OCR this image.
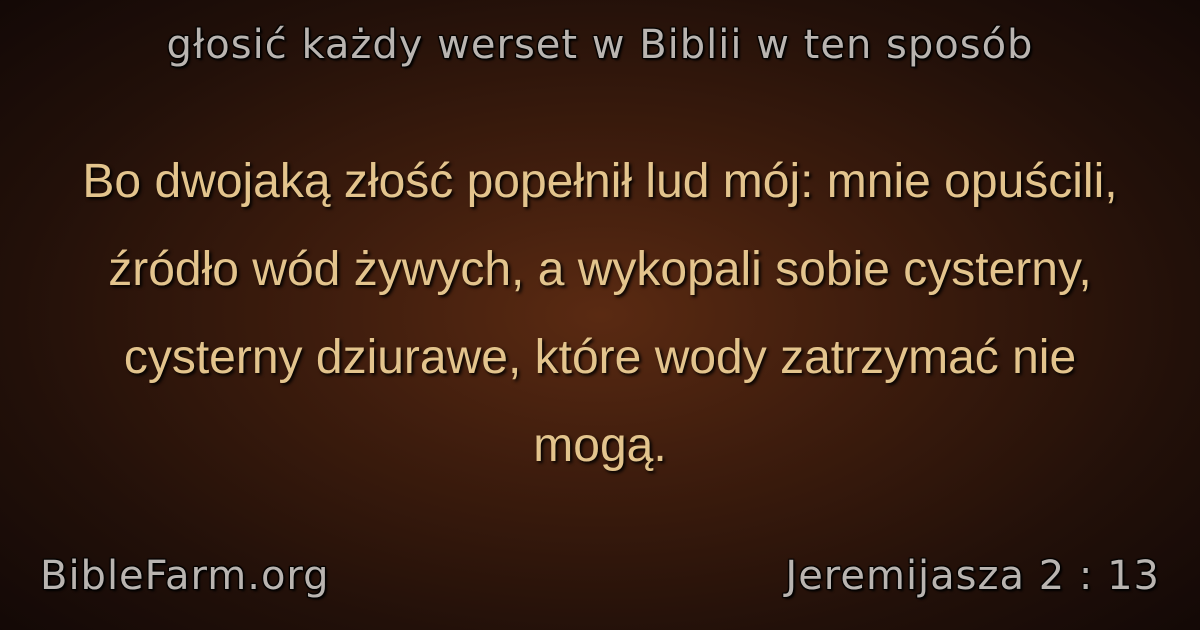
głosić każdy werset w Biblii w ten sposób

Bo dwojaką złość popełnił lud mój: mnie opuścili, źródło wód żywych, a wykopali sobie cysterny, cysterny dziurawe, które wody zatrzymać nie mogą.

BibleFarm.org	Jeremijasza 2 : 13
